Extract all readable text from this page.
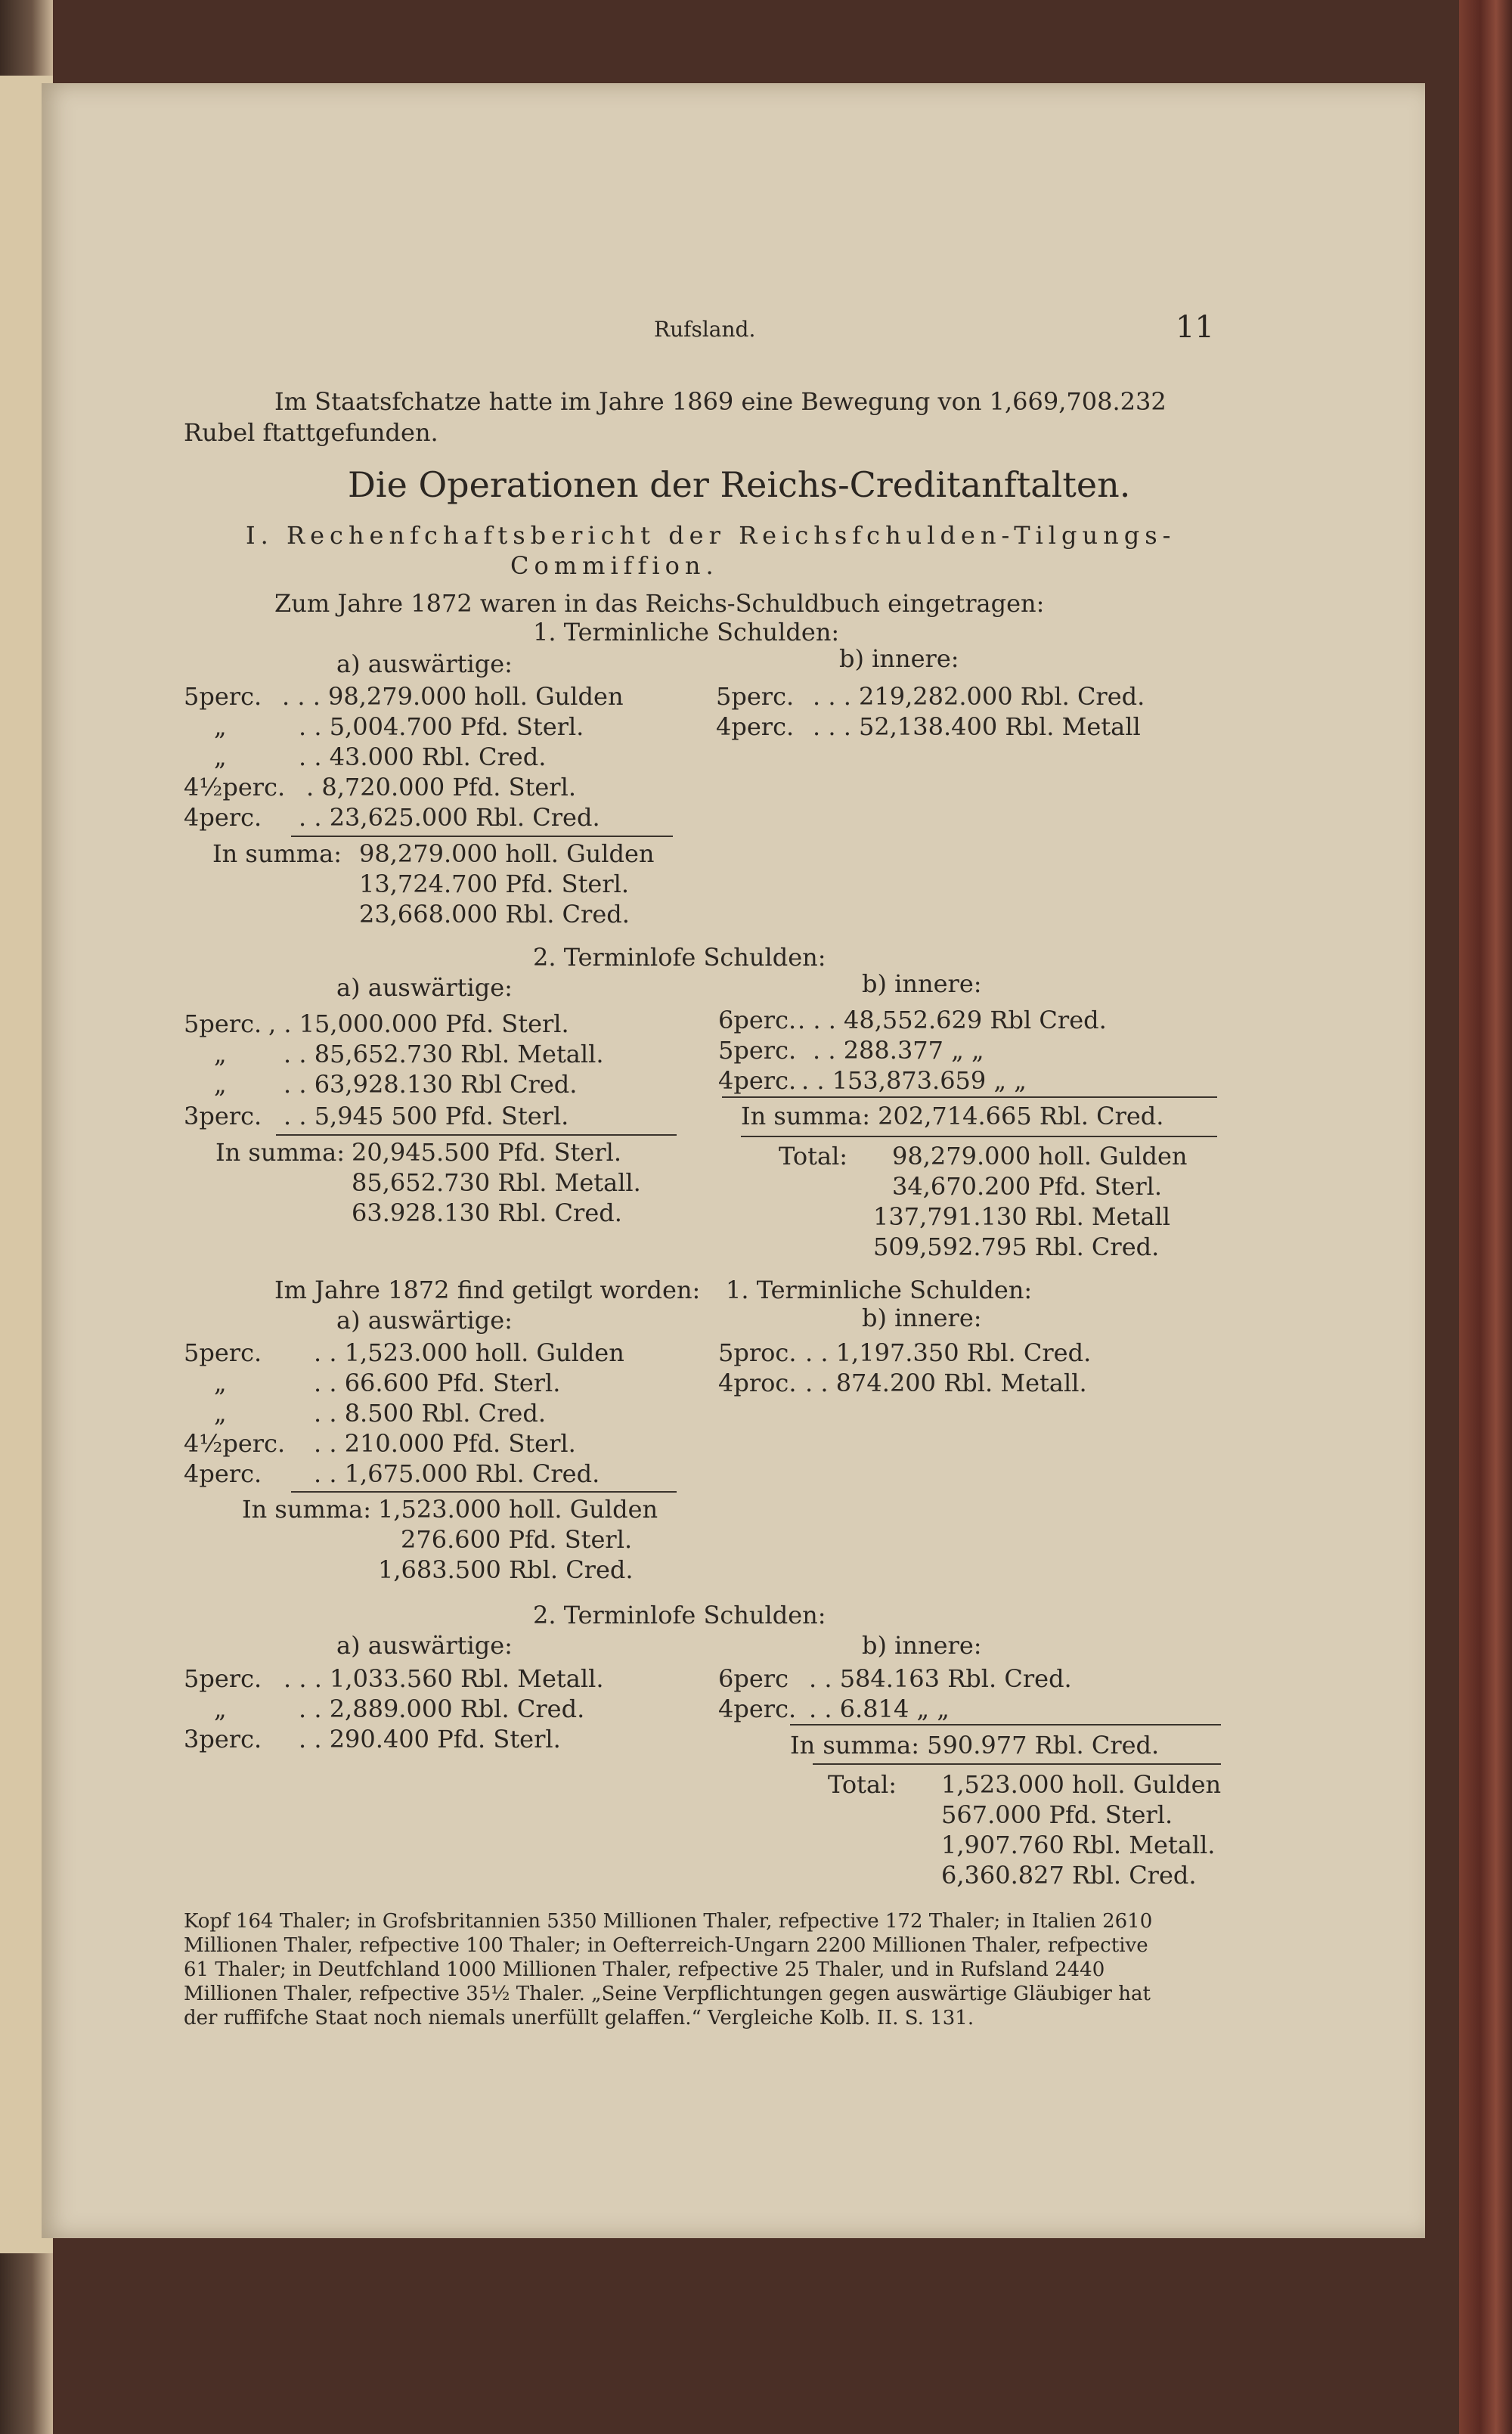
Rufsland.	11
Im Staatsfchatze hatte im Jahre 1869 eine Bewegung von 1,669,708.232
Rubel ftattgefunden.
Die Operationen der Reichs-Creditanftalten.
I. Rechenfchaftsbericht der Reichsfchulden-Tilgungs-
Commiffion.
Zum Jahre 1872 waren in das Reichs-Schuldbuch eingetragen:
1. Terminliche Schulden:
a) auswärtige:	b) innere:
5perc. . . . 98,279.000 holl. Gulden
„	. . 5,004.700 Pfd. Sterl.
„	. . 43.000 Rbl. Cred.
4½perc. . 8,720.000 Pfd. Sterl.
4perc. . . 23,625.000 Rbl. Cred.
5perc. . . . 219,282.000 Rbl. Cred.
4perc. . . . 52,138.400 Rbl. Metall
In summa: 98,279.000 holl. Gulden
13,724.700 Pfd. Sterl.
23,668.000 Rbl. Cred.
2. Terminlofe Schulden:
a) auswärtige:	b) innere:
5perc. , . 15,000.000 Pfd. Sterl.
„ . . 85,652.730 Rbl. Metall.
„ . . 63,928.130 Rbl Cred.
3perc. . . 5,945 500 Pfd. Sterl.
6perc. . . . 48,552.629 Rbl Cred.
5perc. . . 288.377 „ „
4perc. . . 153,873.659 „ „
In summa: 20,945.500 Pfd. Sterl.
85,652.730 Rbl. Metall.
63.928.130 Rbl. Cred.
In summa: 202,714.665 Rbl. Cred.
Total: 98,279.000 holl. Gulden
34,670.200 Pfd. Sterl.
137,791.130 Rbl. Metall
509,592.795 Rbl. Cred.
Im Jahre 1872 find getilgt worden: 1. Terminliche Schulden:
a) auswärtige:	b) innere:
5perc. . . 1,523.000 holl. Gulden
„	. . 66.600 Pfd. Sterl.
„	. . 8.500 Rbl. Cred.
4½perc. . . 210.000 Pfd. Sterl.
4perc. . . 1,675.000 Rbl. Cred.
5proc. . . 1,197.350 Rbl. Cred.
4proc. . . 874.200 Rbl. Metall.
In summa: 1,523.000 holl. Gulden
276.600 Pfd. Sterl.
1,683.500 Rbl. Cred.
2. Terminlofe Schulden:
a) auswärtige:	b) innere:
5perc. . . . 1,033.560 Rbl. Metall.
„	. . 2,889.000 Rbl. Cred.
3perc. . . 290.400 Pfd. Sterl.
6perc . . 584.163 Rbl. Cred.
4perc. . . 6.814 „ „
In summa: 590.977 Rbl. Cred.
Total: 1,523.000 holl. Gulden
567.000 Pfd. Sterl.
1,907.760 Rbl. Metall.
6,360.827 Rbl. Cred.
Kopf 164 Thaler; in Grofsbritannien 5350 Millionen Thaler, refpective 172 Thaler; in Italien 2610
Millionen Thaler, refpective 100 Thaler; in Oefterreich-Ungarn 2200 Millionen Thaler, refpective
61 Thaler; in Deutfchland 1000 Millionen Thaler, refpective 25 Thaler, und in Rufsland 2440
Millionen Thaler, refpective 35½ Thaler. „Seine Verpflichtungen gegen auswärtige Gläubiger hat
der ruffifche Staat noch niemals unerfüllt gelaffen.“ Vergleiche Kolb. II. S. 131.
